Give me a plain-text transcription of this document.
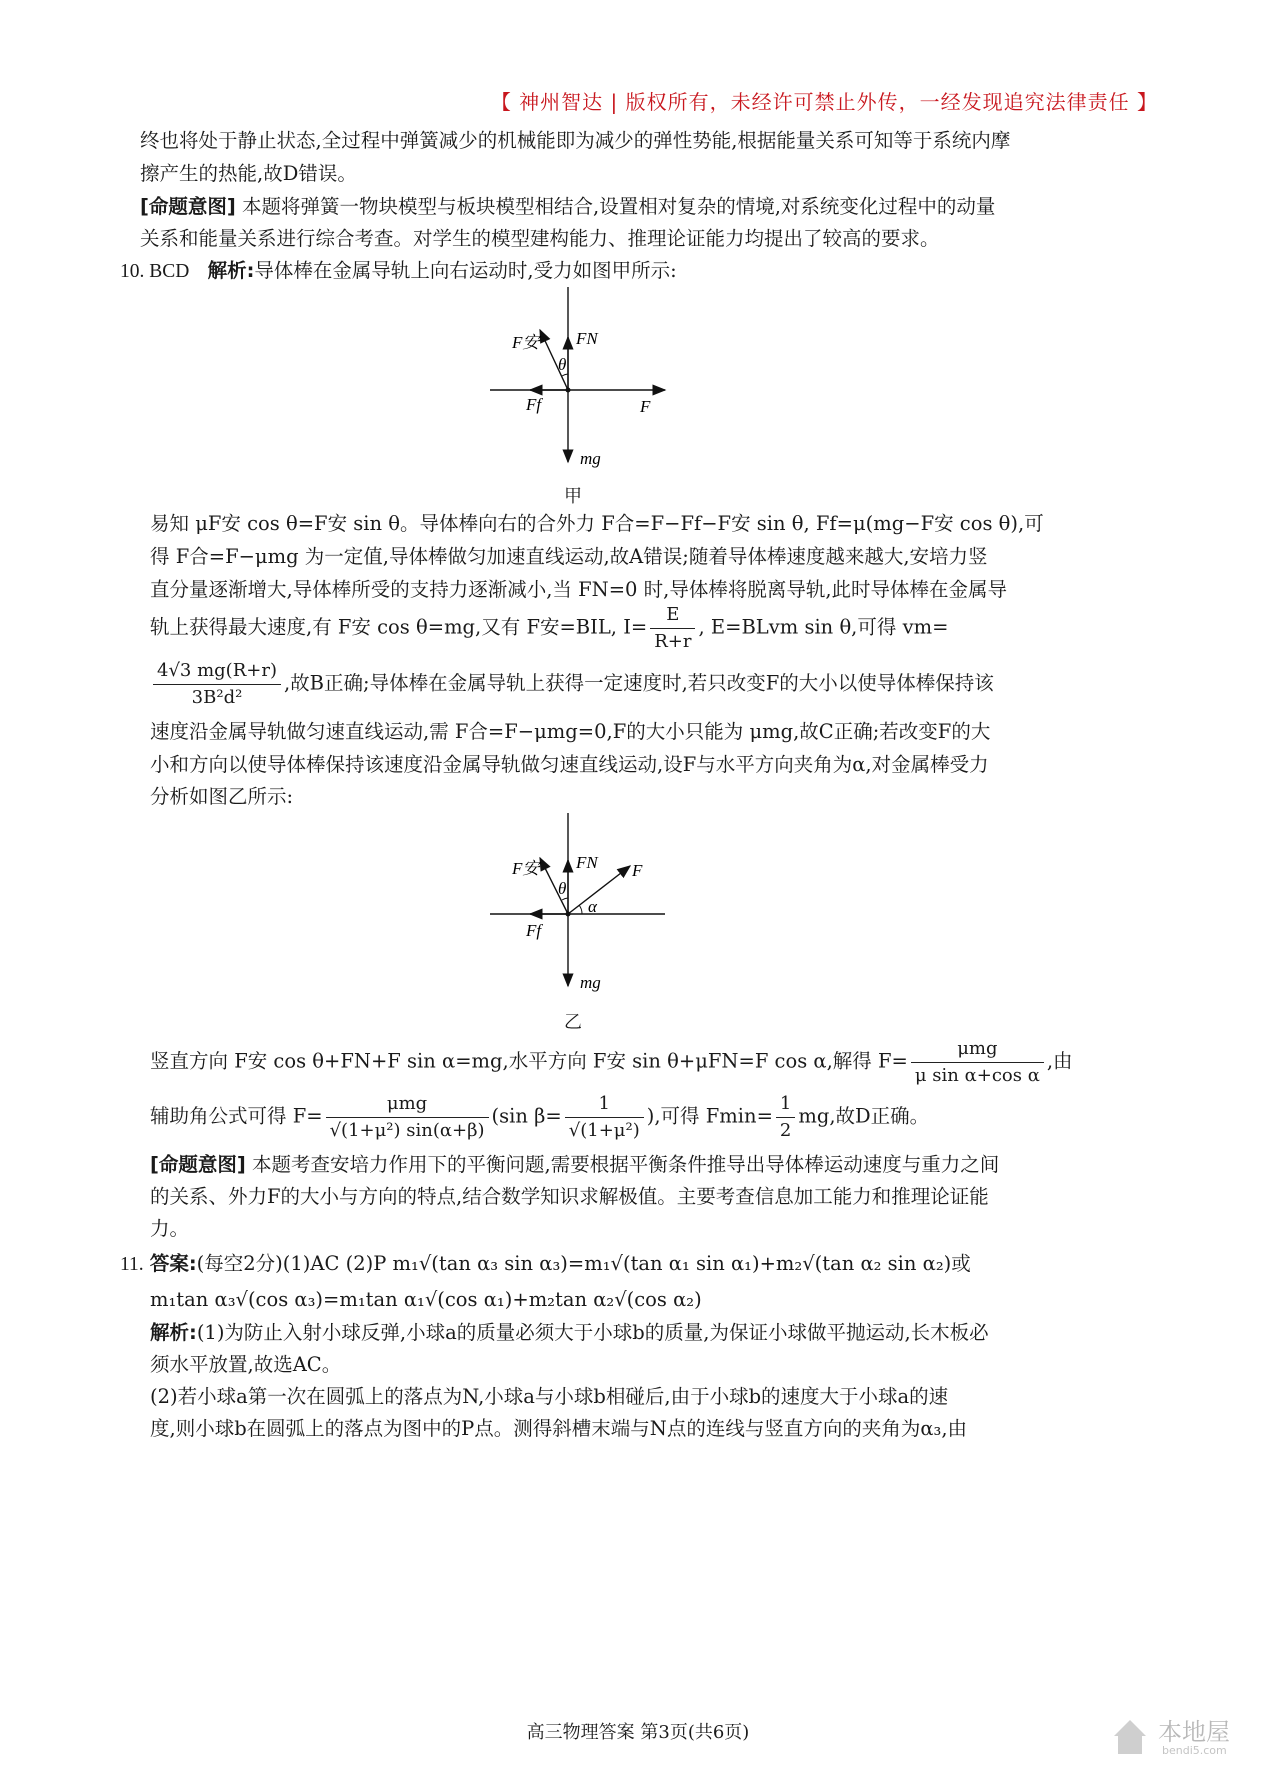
【 神州智达 | 版权所有，未经许可禁止外传，一经发现追究法律责任 】
终也将处于静止状态,全过程中弹簧减少的机械能即为减少的弹性势能,根据能量关系可知等于系统内摩
擦产生的热能,故D错误。
[命题意图] 本题将弹簧一物块模型与板块模型相结合,设置相对复杂的情境,对系统变化过程中的动量
关系和能量关系进行综合考查。对学生的模型建构能力、推理论证能力均提出了较高的要求。
10. BCD 解析:导体棒在金属导轨上向右运动时,受力如图甲所示:
F安 FN
θ
Ff	F
mg
甲
易知 μF安 cos θ=F安 sin θ。导体棒向右的合外力 F合=F−Ff−F安 sin θ, Ff=μ(mg−F安 cos θ),可
得 F合=F−μmg 为一定值,导体棒做匀加速直线运动,故A错误;随着导体棒速度越来越大,安培力竖
直分量逐渐增大,导体棒所受的支持力逐渐减小,当 FN=0 时,导体棒将脱离导轨,此时导体棒在金属导
轨上获得最大速度,有 F安 cos θ=mg,又有 F安=BIL, $I= \frac{E}{R+r}$ , E=BLvm sin θ,可得 vm=
$\frac{4√3 mg(R+r)}{\text{3B²d²}}$ ,故B正确;导体棒在金属导轨上获得一定速度时,若只改变F的大小以使导体棒保持该
速度沿金属导轨做匀速直线运动,需 F合=F−μmg=0,F的大小只能为 μmg,故C正确;若改变F的大
小和方向以使导体棒保持该速度沿金属导轨做匀速直线运动,设F与水平方向夹角为α,对金属棒受力
分析如图乙所示:
F安 FN F
θ
α
Ff
mg
乙
竖直方向 F安 cos θ+FN+F sin α=mg,水平方向 F安 sin θ+μFN=F cos α,解得 $F= \frac{\text{μmg}}{\text{μ sin α+cos α}}$ ,由
辅助角公式可得 $F= \frac{\text{μmg}}{\text{√(1+μ²) sin(α+β)}} (\sin$ $\beta= \frac{1}{\text{√(1+μ²)}}$ ),可得 $Fmin= \frac{1}{2}$ mg,故D正确。
[命题意图] 本题考查安培力作用下的平衡问题,需要根据平衡条件推导出导体棒运动速度与重力之间
的关系、外力F的大小与方向的特点,结合数学知识求解极值。主要考查信息加工能力和推理论证能
力。
11. 答案:(每空2分)(1)AC (2)P m₁√(tan α₃ sin α₃)=m₁√(tan α₁ sin α₁)+m₂√(tan α₂ sin α₂)或
m₁tan α₃√(cos α₃)=m₁tan α₁√(cos α₁)+m₂tan α₂√(cos α₂)
解析:(1)为防止入射小球反弹,小球a的质量必须大于小球b的质量,为保证小球做平抛运动,长木板必
须水平放置,故选AC。
(2)若小球a第一次在圆弧上的落点为N,小球a与小球b相碰后,由于小球b的速度大于小球a的速
度,则小球b在圆弧上的落点为图中的P点。测得斜槽末端与N点的连线与竖直方向的夹角为α₃,由
高三物理答案 第3页(共6页)	本地屋
bendi5.com
